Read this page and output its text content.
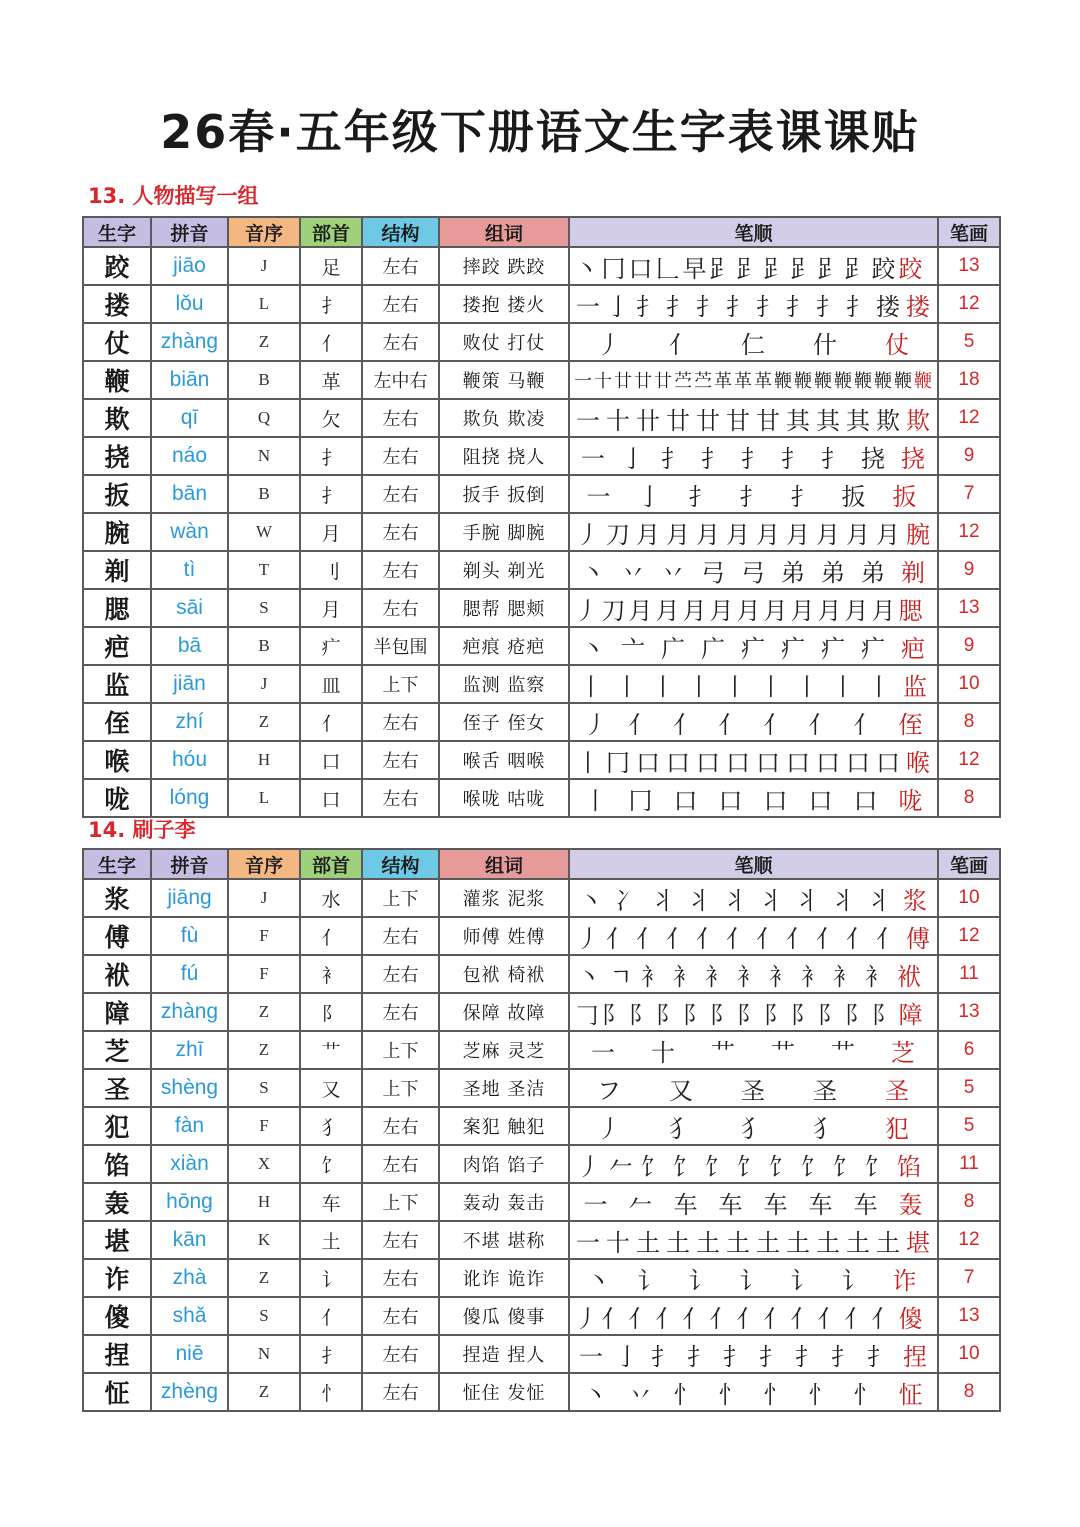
26春·五年级下册语文生字表课课贴
13. 人物描写一组
生字	拼音	音序	部首	结构	组词	笔顺	笔画
跤	jiāo	J	足	左右	摔跤 跌跤	丶 冂 口 𠃊 早 𧾷 𧾷 𧾷 𧾷 𧾷 𧾷 跤 跤	13
搂	lǒu	L	扌	左右	搂抱 搂火	一 亅 扌 扌 扌 扌 扌 扌 扌 扌 搂 搂	12
仗	zhàng	Z	亻	左右	败仗 打仗	丿 亻 仁 什 仗	5
鞭	biān	B	革	左中右	鞭策 马鞭	一 十 廿 廿 廿 苎 苎 革 革 革 鞭 鞭 鞭 鞭 鞭 鞭 鞭 鞭	18
欺	qī	Q	欠	左右	欺负 欺凌	一 十 卄 廿 廿 甘 甘 其 其 其 欺 欺	12
挠	náo	N	扌	左右	阻挠 挠人	一 亅 扌 扌 扌 扌 扌 挠 挠	9
扳	bān	B	扌	左右	扳手 扳倒	一 亅 扌 扌 扌 扳 扳	7
腕	wàn	W	月	左右	手腕 脚腕	丿 刀 月 月 月 月 月 月 月 月 月 腕	12
剃	tì	T	刂	左右	剃头 剃光	丶 丷 丷 弓 弓 弟 弟 弟 剃	9
腮	sāi	S	月	左右	腮帮 腮颊	丿 刀 月 月 月 月 月 月 月 月 月 月 腮	13
疤	bā	B	疒	半包围	疤痕 疮疤	丶 亠 广 广 疒 疒 疒 疒 疤	9
监	jiān	J	皿	上下	监测 监察	丨 丨 丨 丨 丨 丨 丨 丨 丨 监	10
侄	zhí	Z	亻	左右	侄子 侄女	丿 亻 亻 亻 亻 亻 亻 侄	8
喉	hóu	H	口	左右	喉舌 咽喉	丨 冂 口 口 口 口 口 口 口 口 口 喉	12
咙	lóng	L	口	左右	喉咙 咕咙	丨 冂 口 口 口 口 口 咙	8
14. 刷子李
生字	拼音	音序	部首	结构	组词	笔顺	笔画
浆	jiāng	J	水	上下	灌浆 泥浆	丶 冫 丬 丬 丬 丬 丬 丬 丬 浆	10
傅	fù	F	亻	左右	师傅 姓傅	丿 亻 亻 亻 亻 亻 亻 亻 亻 亻 亻 傅	12
袱	fú	F	衤	左右	包袱 椅袱	丶 ㄱ 衤 衤 衤 衤 衤 衤 衤 衤 袱	11
障	zhàng	Z	阝	左右	保障 故障	𠃌 阝 阝 阝 阝 阝 阝 阝 阝 阝 阝 阝 障	13
芝	zhī	Z	艹	上下	芝麻 灵芝	一 十 艹 艹 艹 芝	6
圣	shèng	S	又	上下	圣地 圣洁	フ 又 圣 圣 圣	5
犯	fàn	F	犭	左右	案犯 触犯	丿 犭 犭 犭 犯	5
馅	xiàn	X	饣	左右	肉馅 馅子	丿 𠂉 饣 饣 饣 饣 饣 饣 饣 饣 馅	11
轰	hōng	H	车	上下	轰动 轰击	一 𠂉 车 车 车 车 车 轰	8
堪	kān	K	土	左右	不堪 堪称	一 十 土 土 土 土 土 土 土 土 土 堪	12
诈	zhà	Z	讠	左右	讹诈 诡诈	丶 讠 讠 讠 讠 讠 诈	7
傻	shǎ	S	亻	左右	傻瓜 傻事	丿 亻 亻 亻 亻 亻 亻 亻 亻 亻 亻 亻 傻	13
捏	niē	N	扌	左右	捏造 捏人	一 亅 扌 扌 扌 扌 扌 扌 扌 捏	10
怔	zhèng	Z	忄	左右	怔住 发怔	丶 丷 忄 忄 忄 忄 忄 怔	8
